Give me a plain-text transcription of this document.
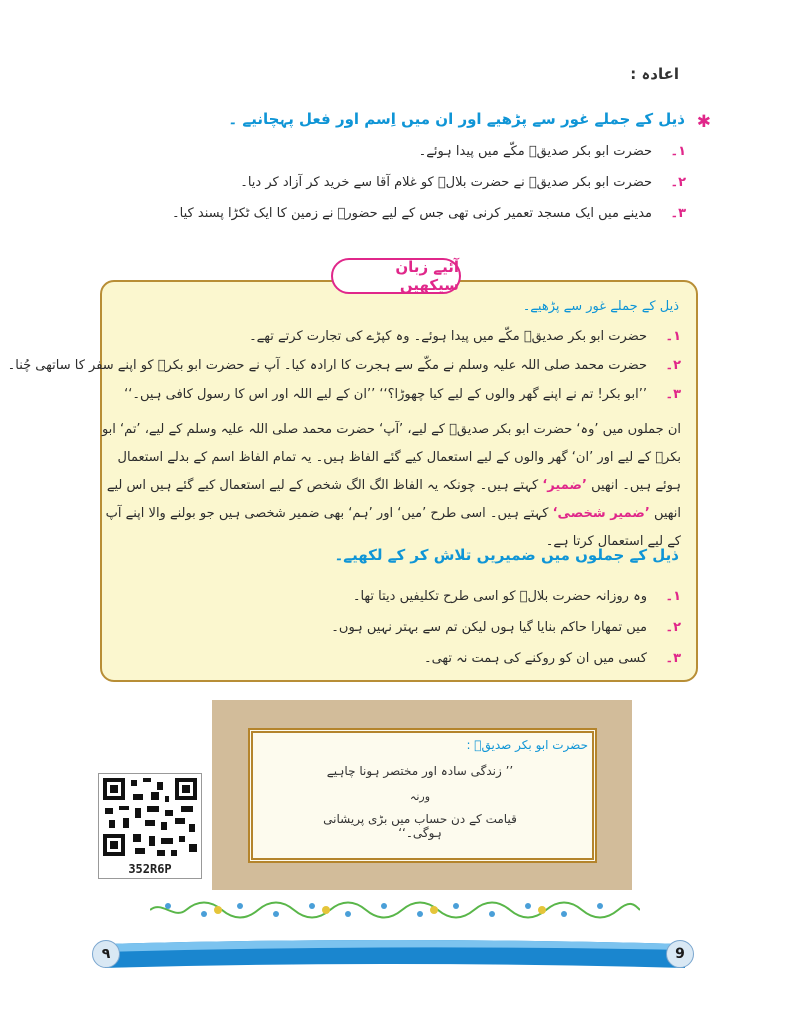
اعادہ :
✱
ذیل کے جملے غور سے پڑھیے اور ان میں اِسم اور فعل پہچانیے ۔
۱۔حضرت ابو بکر صدیقؓ مکّے میں پیدا ہوئے۔
۲۔حضرت ابو بکر صدیقؓ نے حضرت بلالؓ کو غلام آقا سے خرید کر آزاد کر دیا۔
۳۔مدینے میں ایک مسجد تعمیر کرنی تھی جس کے لیے حضورؐ نے زمین کا ایک ٹکڑا پسند کیا۔
آئیے زبان سیکھیں
ذیل کے جملے غور سے پڑھیے۔
۱۔حضرت ابو بکر صدیقؓ مکّے میں پیدا ہوئے۔ وہ کپڑے کی تجارت کرتے تھے۔
۲۔حضرت محمد صلی اللہ علیہ وسلم نے مکّے سے ہجرت کا ارادہ کیا۔ آپ نے حضرت ابو بکرؓ کو اپنے سفر کا ساتھی چُنا۔
۳۔’’ابو بکر! تم نے اپنے گھر والوں کے لیے کیا چھوڑا؟‘‘ ’’ان کے لیے اللہ اور اس کا رسول کافی ہیں۔‘‘
ان جملوں میں ’وہ‘ حضرت ابو بکر صدیقؓ کے لیے، ’آپ‘ حضرت محمد صلی اللہ علیہ وسلم کے لیے، ’تم‘ ابو بکرؓ کے لیے اور ’ان‘ گھر والوں کے لیے استعمال کیے گئے الفاظ ہیں۔ یہ تمام الفاظ اسم کے بدلے استعمال ہوئے ہیں۔ انھیں ’ضمیر‘ کہتے ہیں۔ چونکہ یہ الفاظ الگ الگ شخص کے لیے استعمال کیے گئے ہیں اس لیے انھیں ’ضمیر شخصی‘ کہتے ہیں۔ اسی طرح ’میں‘ اور ’ہم‘ بھی ضمیر شخصی ہیں جو بولنے والا اپنے آپ کے لیے استعمال کرتا ہے۔
ذیل کے جملوں میں ضمیریں تلاش کر کے لکھیے۔
۱۔وہ روزانہ حضرت بلالؓ کو اسی طرح تکلیفیں دیتا تھا۔
۲۔میں تمھارا حاکم بنایا گیا ہوں لیکن تم سے بہتر نہیں ہوں۔
۳۔کسی میں ان کو روکنے کی ہمت نہ تھی۔
352R6P
حضرت ابو بکر صدیقؓ :
’’ زندگی سادہ اور مختصر ہونا چاہیے
ورنہ
قیامت کے دن حساب میں بڑی پریشانی ہوگی۔‘‘
۹	9
